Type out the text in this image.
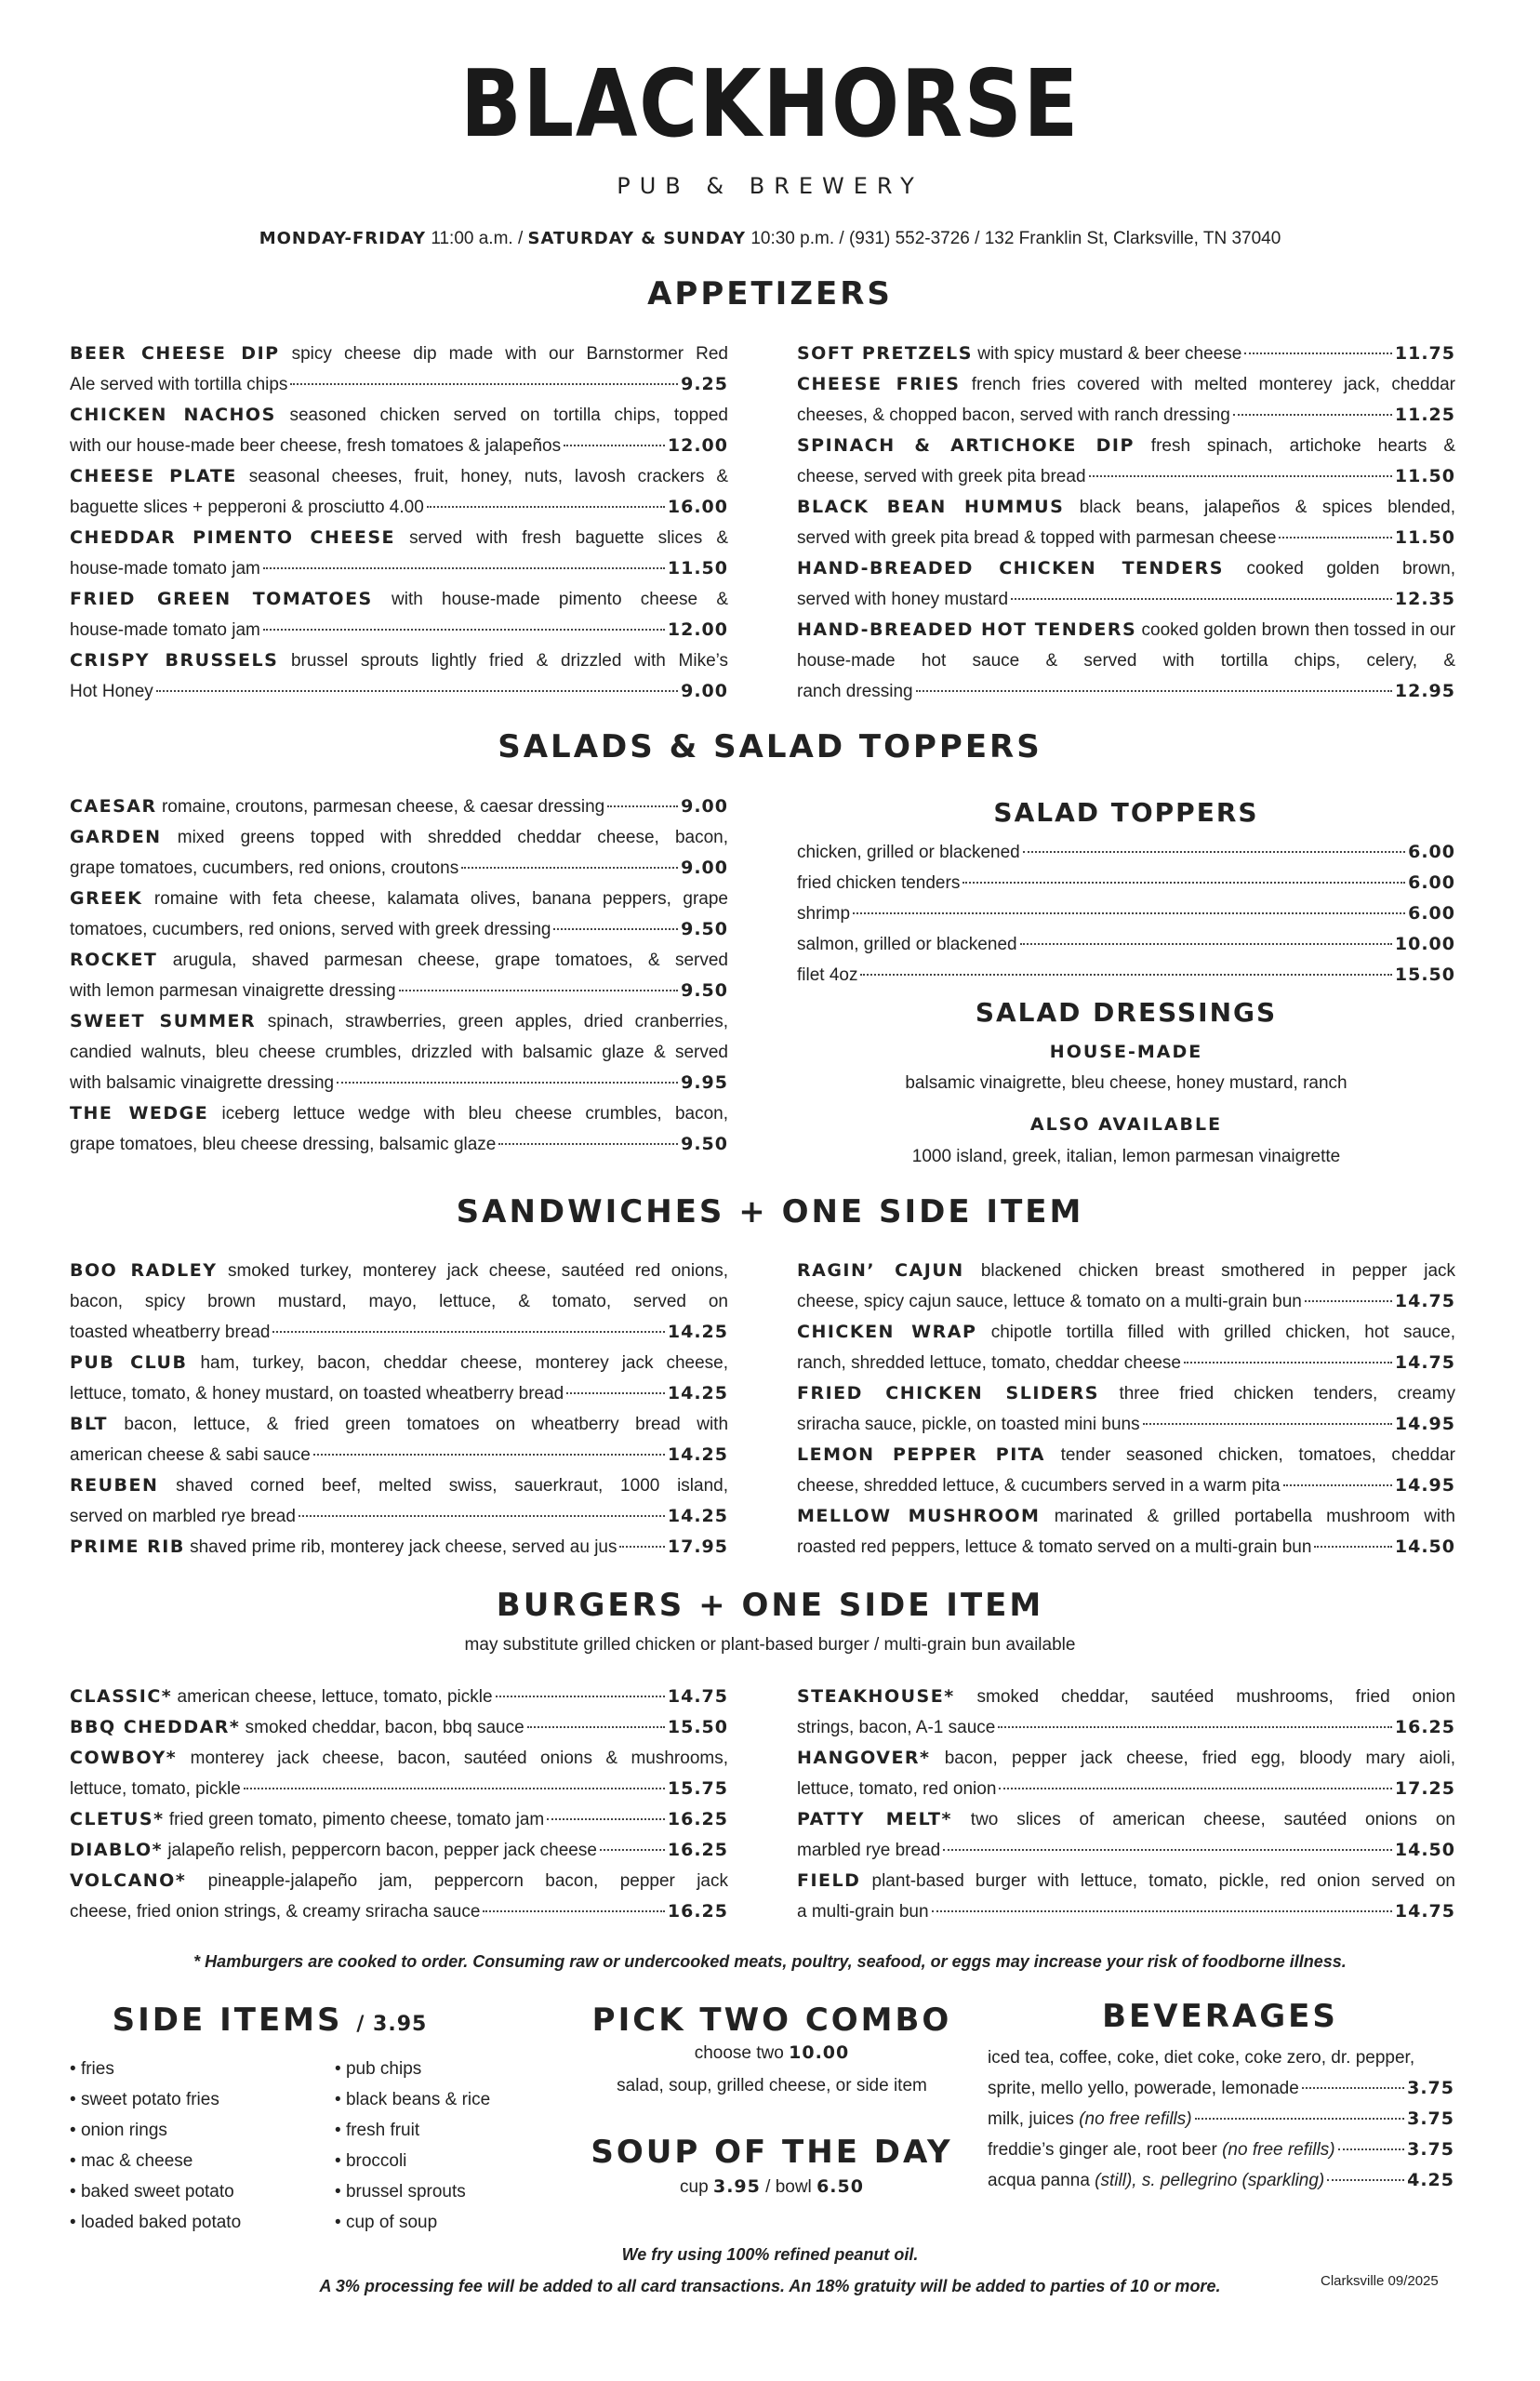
BLACKHORSE
PUB & BREWERY
MONDAY-FRIDAY 11:00 a.m. / SATURDAY & SUNDAY 10:30 p.m. / (931) 552-3726 / 132 Franklin St, Clarksville, TN 37040
APPETIZERS
BEER CHEESE DIP spicy cheese dip made with our Barnstormer Red
Ale served with tortilla chips	9.25
CHICKEN NACHOS seasoned chicken served on tortilla chips, topped
with our house-made beer cheese, fresh tomatoes & jalapeños	12.00
CHEESE PLATE seasonal cheeses, fruit, honey, nuts, lavosh crackers &
baguette slices + pepperoni & prosciutto 4.00	16.00
CHEDDAR PIMENTO CHEESE served with fresh baguette slices &
house-made tomato jam	11.50
FRIED GREEN TOMATOES with house-made pimento cheese &
house-made tomato jam	12.00
CRISPY BRUSSELS brussel sprouts lightly fried & drizzled with Mike’s
Hot Honey	9.00
SOFT PRETZELS
with spicy mustard & beer cheese	11.75
CHEESE FRIES french fries covered with melted monterey jack, cheddar
cheeses, & chopped bacon, served with ranch dressing	11.25
SPINACH & ARTICHOKE DIP fresh spinach, artichoke hearts &
cheese, served with greek pita bread	11.50
BLACK BEAN HUMMUS black beans, jalapeños & spices blended,
served with greek pita bread & topped with parmesan cheese	11.50
HAND-BREADED CHICKEN TENDERS cooked golden brown,
served with honey mustard	12.35
HAND-BREADED HOT TENDERS cooked golden brown then tossed in our house-made hot sauce & served with tortilla chips, celery, &
ranch dressing	12.95
SALADS & SALAD TOPPERS
CAESAR
romaine, croutons, parmesan cheese, & caesar dressing	9.00
GARDEN mixed greens topped with shredded cheddar cheese, bacon,
grape tomatoes, cucumbers, red onions, croutons	9.00
GREEK romaine with feta cheese, kalamata olives, banana peppers, grape
tomatoes, cucumbers, red onions, served with greek dressing	9.50
ROCKET arugula, shaved parmesan cheese, grape tomatoes, & served
with lemon parmesan vinaigrette dressing	9.50
SWEET SUMMER spinach, strawberries, green apples, dried cranberries, candied walnuts, bleu cheese crumbles, drizzled with balsamic glaze & served
with balsamic vinaigrette dressing	9.95
THE WEDGE iceberg lettuce wedge with bleu cheese crumbles, bacon,
grape tomatoes, bleu cheese dressing, balsamic glaze	9.50
SALAD TOPPERS
chicken, grilled or blackened	6.00
fried chicken tenders	6.00
shrimp	6.00
salmon, grilled or blackened	10.00
filet 4oz	15.50
SALAD DRESSINGS
HOUSE-MADE
balsamic vinaigrette, bleu cheese, honey mustard, ranch
ALSO AVAILABLE
1000 island, greek, italian, lemon parmesan vinaigrette
SANDWICHES + ONE SIDE ITEM
BOO RADLEY smoked turkey, monterey jack cheese, sautéed red onions, bacon, spicy brown mustard, mayo, lettuce, & tomato, served on
toasted wheatberry bread	14.25
PUB CLUB ham, turkey, bacon, cheddar cheese, monterey jack cheese,
lettuce, tomato, & honey mustard, on toasted wheatberry bread	14.25
BLT bacon, lettuce, & fried green tomatoes on wheatberry bread with
american cheese & sabi sauce	14.25
REUBEN shaved corned beef, melted swiss, sauerkraut, 1000 island,
served on marbled rye bread	14.25
PRIME RIB
shaved prime rib, monterey jack cheese, served au jus	17.95
RAGIN’ CAJUN blackened chicken breast smothered in pepper jack
cheese, spicy cajun sauce, lettuce & tomato on a multi-grain bun	14.75
CHICKEN WRAP chipotle tortilla filled with grilled chicken, hot sauce,
ranch, shredded lettuce, tomato, cheddar cheese	14.75
FRIED CHICKEN SLIDERS three fried chicken tenders, creamy
sriracha sauce, pickle, on toasted mini buns	14.95
LEMON PEPPER PITA tender seasoned chicken, tomatoes, cheddar
cheese, shredded lettuce, & cucumbers served in a warm pita	14.95
MELLOW MUSHROOM marinated & grilled portabella mushroom with
roasted red peppers, lettuce & tomato served on a multi-grain bun	14.50
BURGERS + ONE SIDE ITEM
may substitute grilled chicken or plant-based burger / multi-grain bun available
CLASSIC*
american cheese, lettuce, tomato, pickle	14.75
BBQ CHEDDAR*
smoked cheddar, bacon, bbq sauce	15.50
COWBOY* monterey jack cheese, bacon, sautéed onions & mushrooms,
lettuce, tomato, pickle	15.75
CLETUS*
fried green tomato, pimento cheese, tomato jam	16.25
DIABLO*
jalapeño relish, peppercorn bacon, pepper jack cheese	16.25
VOLCANO* pineapple-jalapeño jam, peppercorn bacon, pepper jack
cheese, fried onion strings, & creamy sriracha sauce	16.25
STEAKHOUSE* smoked cheddar, sautéed mushrooms, fried onion
strings, bacon, A-1 sauce	16.25
HANGOVER* bacon, pepper jack cheese, fried egg, bloody mary aioli,
lettuce, tomato, red onion	17.25
PATTY MELT* two slices of american cheese, sautéed onions on
marbled rye bread	14.50
FIELD plant-based burger with lettuce, tomato, pickle, red onion served on
a multi-grain bun	14.75
* Hamburgers are cooked to order. Consuming raw or undercooked meats, poultry, seafood, or eggs may increase your risk of foodborne illness.
SIDE ITEMS / 3.95
• fries
• sweet potato fries
• onion rings
• mac & cheese
• baked sweet potato
• loaded baked potato
• pub chips
• black beans & rice
• fresh fruit
• broccoli
• brussel sprouts
• cup of soup
PICK TWO COMBO
choose two 10.00
salad, soup, grilled cheese, or side item
SOUP OF THE DAY
cup 3.95 / bowl 6.50
BEVERAGES
iced tea, coffee, coke, diet coke, coke zero, dr. pepper,
sprite, mello yello, powerade, lemonade	3.75
milk, juices
(no free refills)	3.75
freddie’s ginger ale, root beer
(no free refills)	3.75
acqua panna
(still), s. pellegrino (sparkling)	4.25
We fry using 100% refined peanut oil.
A 3% processing fee will be added to all card transactions. An 18% gratuity will be added to parties of 10 or more.	Clarksville 09/2025
